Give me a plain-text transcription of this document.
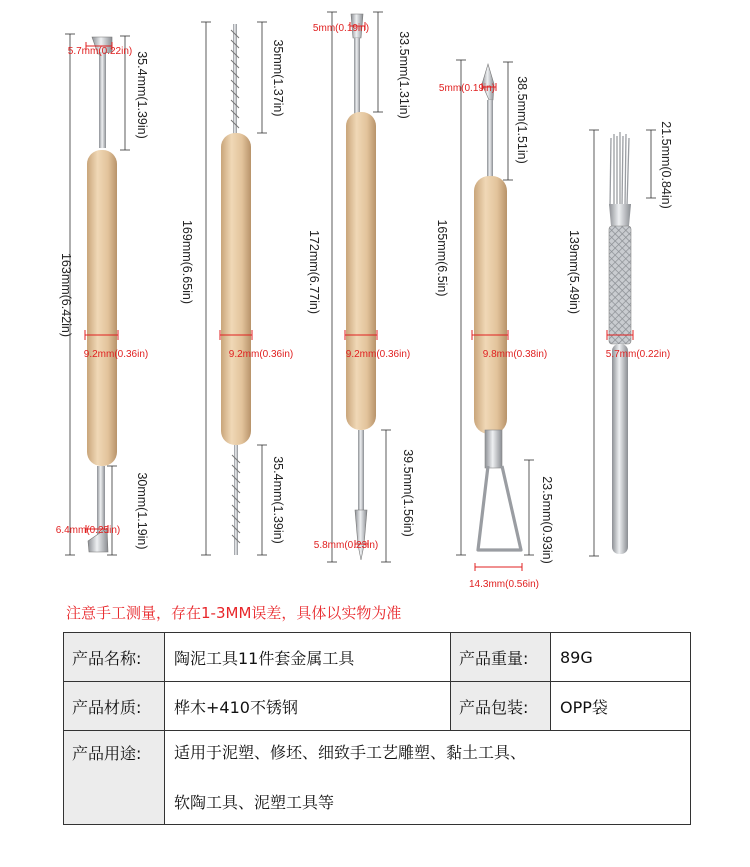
163mm(6.42in)
35.4mm(1.39in)
30mm(1.19in)
5.7mm(0.22in)
9.2mm(0.36in)
6.4mm(0.25in)
169mm(6.65in)
35mm(1.37in)
35.4mm(1.39in)
9.2mm(0.36in)
172mm(6.77in)
33.5mm(1.31in)
39.5mm(1.56in)
5mm(0.19in)
9.2mm(0.36in)
5.8mm(0.23in)
165mm(6.5in)
38.5mm(1.51in)
23.5mm(0.93in)
5mm(0.19in)
9.8mm(0.38in)
14.3mm(0.56in)
139mm(5.49in)
21.5mm(0.84in)
5.7mm(0.22in)
注意手工测量，存在1-3MM误差，具体以实物为准
产品名称:	陶泥工具11件套金属工具	产品重量:	89G
产品材质:	桦木+410不锈钢	产品包装:	OPP袋
产品用途: 适用于泥塑、修坯、细致手工艺雕塑、黏土工具、
软陶工具、泥塑工具等
